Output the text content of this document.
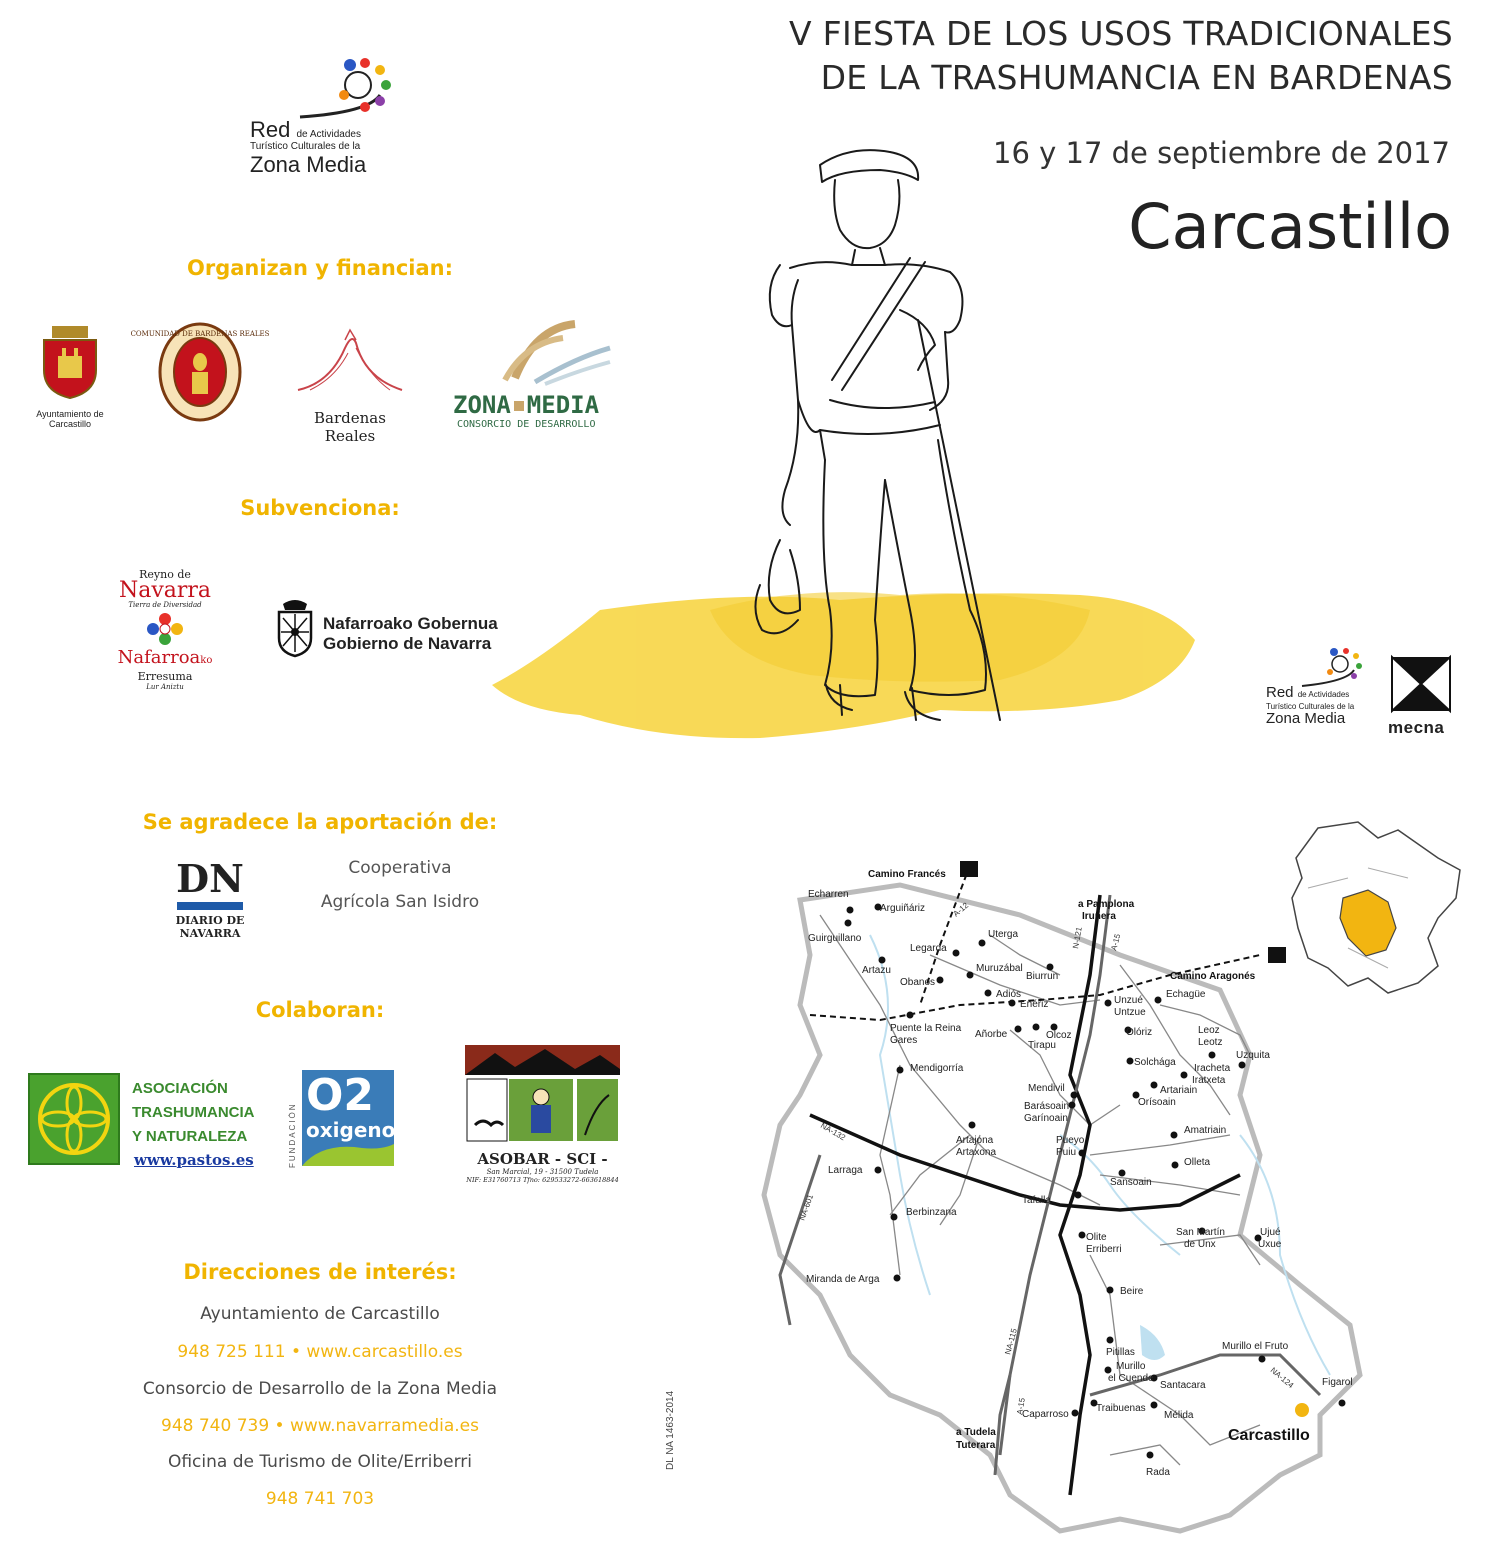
Red de Actividades
Turístico Culturales de la
Zona Media
Organizan y financian:
Ayuntamiento de
Carcastillo
COMUNIDAD DE BARDENAS REALES
Bardenas Reales
ZONA MEDIA
CONSORCIO DE DESARROLLO
Subvenciona:
Reyno de
Navarra
Tierra de Diversidad
Nafarroako
Erresuma
Lur Aniztu
Nafarroako Gobernua
Gobierno de Navarra
Se agradece la aportación de:
DN
DIARIO DE
NAVARRA
Cooperativa
Agrícola San Isidro
Colaboran:
ASOCIACIÓN
TRASHUMANCIA
Y NATURALEZA
www.pastos.es	FUNDACIÓN
O2
oxigeno
ASOBAR - SCI -
San Marcial, 19 - 31500 Tudela
NIF: E31760713 Tfno: 629533272-663618844
Direcciones de interés:
Ayuntamiento de Carcastillo
948 725 111 • www.carcastillo.es
Consorcio de Desarrollo de la Zona Media
948 740 739 • www.navarramedia.es
Oficina de Turismo de Olite/Erriberri
948 741 703
DL NA 1463-2014
V FIESTA DE LOS USOS TRADICIONALES
DE LA TRASHUMANCIA EN BARDENAS
16 y 17 de septiembre de 2017
Carcastillo
Red de Actividades
Turístico Culturales de la
Zona Media	mecna
Camino Francés
Camino Aragonés
a Pamplona
Iruñera
a Tudela
Tuterara
Carcastillo
Echarren
Arguiñáriz
Guirguillano
Artazu
Legarda
Uterga
Muruzábal
Obanos
Biurrun
Adiós
Enériz	Unzué
Untzue
Echagüe
Puente la Reina
Gares
Añorbe
Tirapu
Olcoz	Olóriz	Leoz
Leotz
Uzquita
Mendigorría
Solchága
Iracheta
Iratxeta
Artariain
Orísoain
Mendivil
Barásoain
Garínoain
Amatriain
Artajona
Artaxona
Pueyo
Puiu
Olleta
Sansoain
Larraga
Tafalla
Berbinzana
San Martín
de Unx
Ujué
Uxue
Olite
Erriberri
Miranda de Arga
Beire
Pitillas
Murillo el Fruto
Murillo
el Cuende
Santacara	Figarol
Caparroso
Traibuenas
Mélida
Rada
A-12
A-15
N-121
NA-132
NA-601
NA-115
NA-124
A-15
